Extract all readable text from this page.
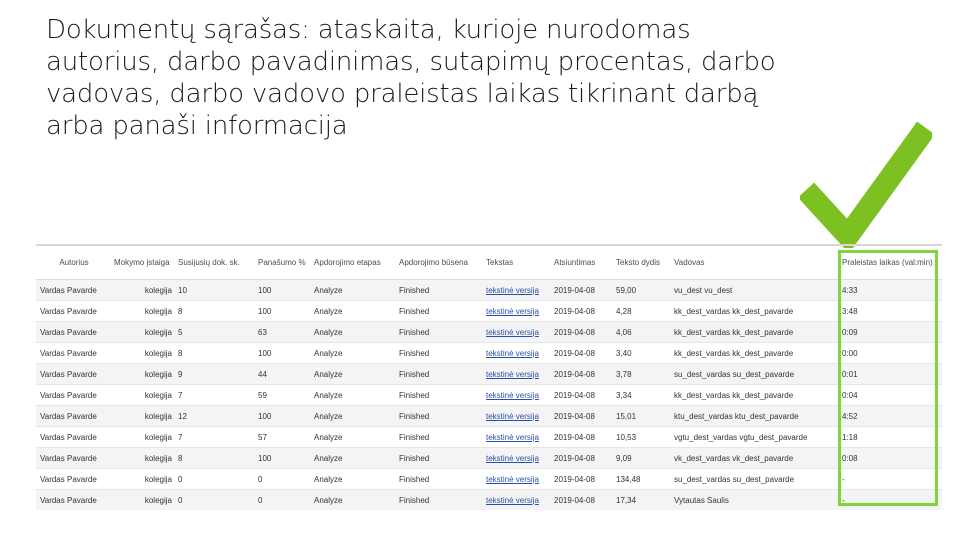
Dokumentų sąrašas: ataskaita, kurioje nurodomas autorius, darbo pavadinimas, sutapimų procentas, darbo vadovas, darbo vadovo praleistas laikas tikrinant darbą arba panaši informacija
Autorius	Mokymo įstaiga	Susijusių dok. sk.	Panašumo %	Apdorojimo etapas	Apdorojimo būsena	Tekstas	Atsiuntimas	Teksto dydis	Vadovas	Praleistas laikas (val:min)
Vardas Pavarde	kolegija	10	100	Analyze	Finished	tekstinė versija	2019-04-08	59,00	vu_dest vu_dest	4:33
Vardas Pavarde	kolegija	8	100	Analyze	Finished	tekstinė versija	2019-04-08	4,28	kk_dest_vardas kk_dest_pavarde	3:48
Vardas Pavarde	kolegija	5	63	Analyze	Finished	tekstinė versija	2019-04-08	4,06	kk_dest_vardas kk_dest_pavarde	0:09
Vardas Pavarde	kolegija	8	100	Analyze	Finished	tekstinė versija	2019-04-08	3,40	kk_dest_vardas kk_dest_pavarde	0:00
Vardas Pavarde	kolegija	9	44	Analyze	Finished	tekstinė versija	2019-04-08	3,78	su_dest_vardas su_dest_pavarde	0:01
Vardas Pavarde	kolegija	7	59	Analyze	Finished	tekstinė versija	2019-04-08	3,34	kk_dest_vardas kk_dest_pavarde	0:04
Vardas Pavarde	kolegija	12	100	Analyze	Finished	tekstinė versija	2019-04-08	15,01	ktu_dest_vardas ktu_dest_pavarde	4:52
Vardas Pavarde	kolegija	7	57	Analyze	Finished	tekstinė versija	2019-04-08	10,53	vgtu_dest_vardas vgtu_dest_pavarde	1:18
Vardas Pavarde	kolegija	8	100	Analyze	Finished	tekstinė versija	2019-04-08	9,09	vk_dest_vardas vk_dest_pavarde	0:08
Vardas Pavarde	kolegija	0	0	Analyze	Finished	tekstinė versija	2019-04-08	134,48	su_dest_vardas su_dest_pavarde	-
Vardas Pavarde	kolegija	0	0	Analyze	Finished	tekstinė versija	2019-04-08	17,34	Vytautas Saulis	-
